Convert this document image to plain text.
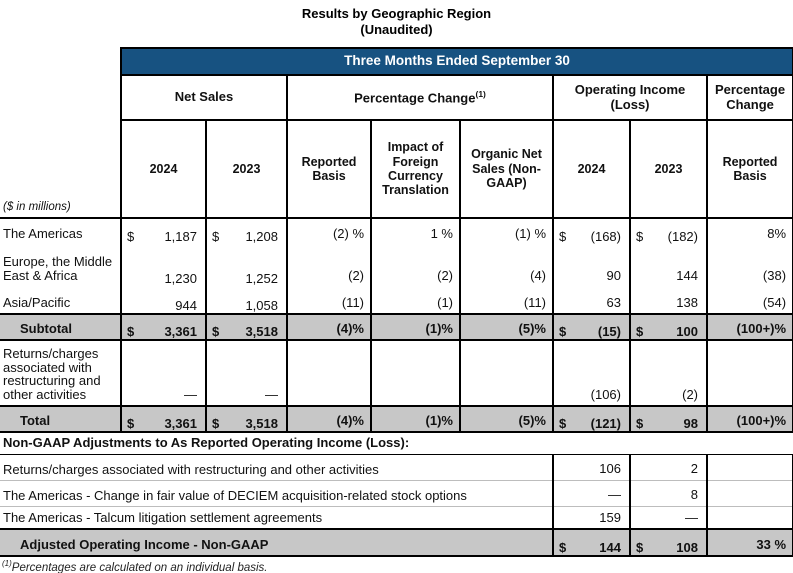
Results by Geographic Region
(Unaudited)
	Three Months Ended September 30							
	Net Sales		Percentage Change$^{(1)}$			Operating Income (Loss)		Percentage Change
($ in millions)	2024	2023	Reported Basis	Impact of Foreign Currency Translation	Organic Net Sales (Non-GAAP)	2024	2023	Reported Basis
The Americas	$ 1,187	$ 1,208	(2) %	1 %	(1) %	$ (168)	$ (182)	8%
Europe, the Middle East & Africa	1,230	1,252	(2)	(2)	(4)	90	144	(38)
Asia/Pacific	944	1,058	(11)	(1)	(11)	63	138	(54)
Subtotal	$ 3,361	$ 3,518	(4)%	(1)%	(5)%	$ (15)	$ 100	(100+)%
Returns/charges associated with restructuring and other activities	—	—				(106)	(2)	
Total	$ 3,361	$ 3,518	(4)%	(1)%	(5)%	$ (121)	$ 98	(100+)%
Non-GAAP Adjustments to As Reported Operating Income (Loss):								
Returns/charges associated with restructuring and other activities						106	2	
The Americas - Change in fair value of DECIEM acquisition-related stock options						—	8	
The Americas - Talcum litigation settlement agreements						159	—	
Adjusted Operating Income - Non-GAAP						$ 144	$ 108	33 %
$^{(1)}$Percentages are calculated on an individual basis.
